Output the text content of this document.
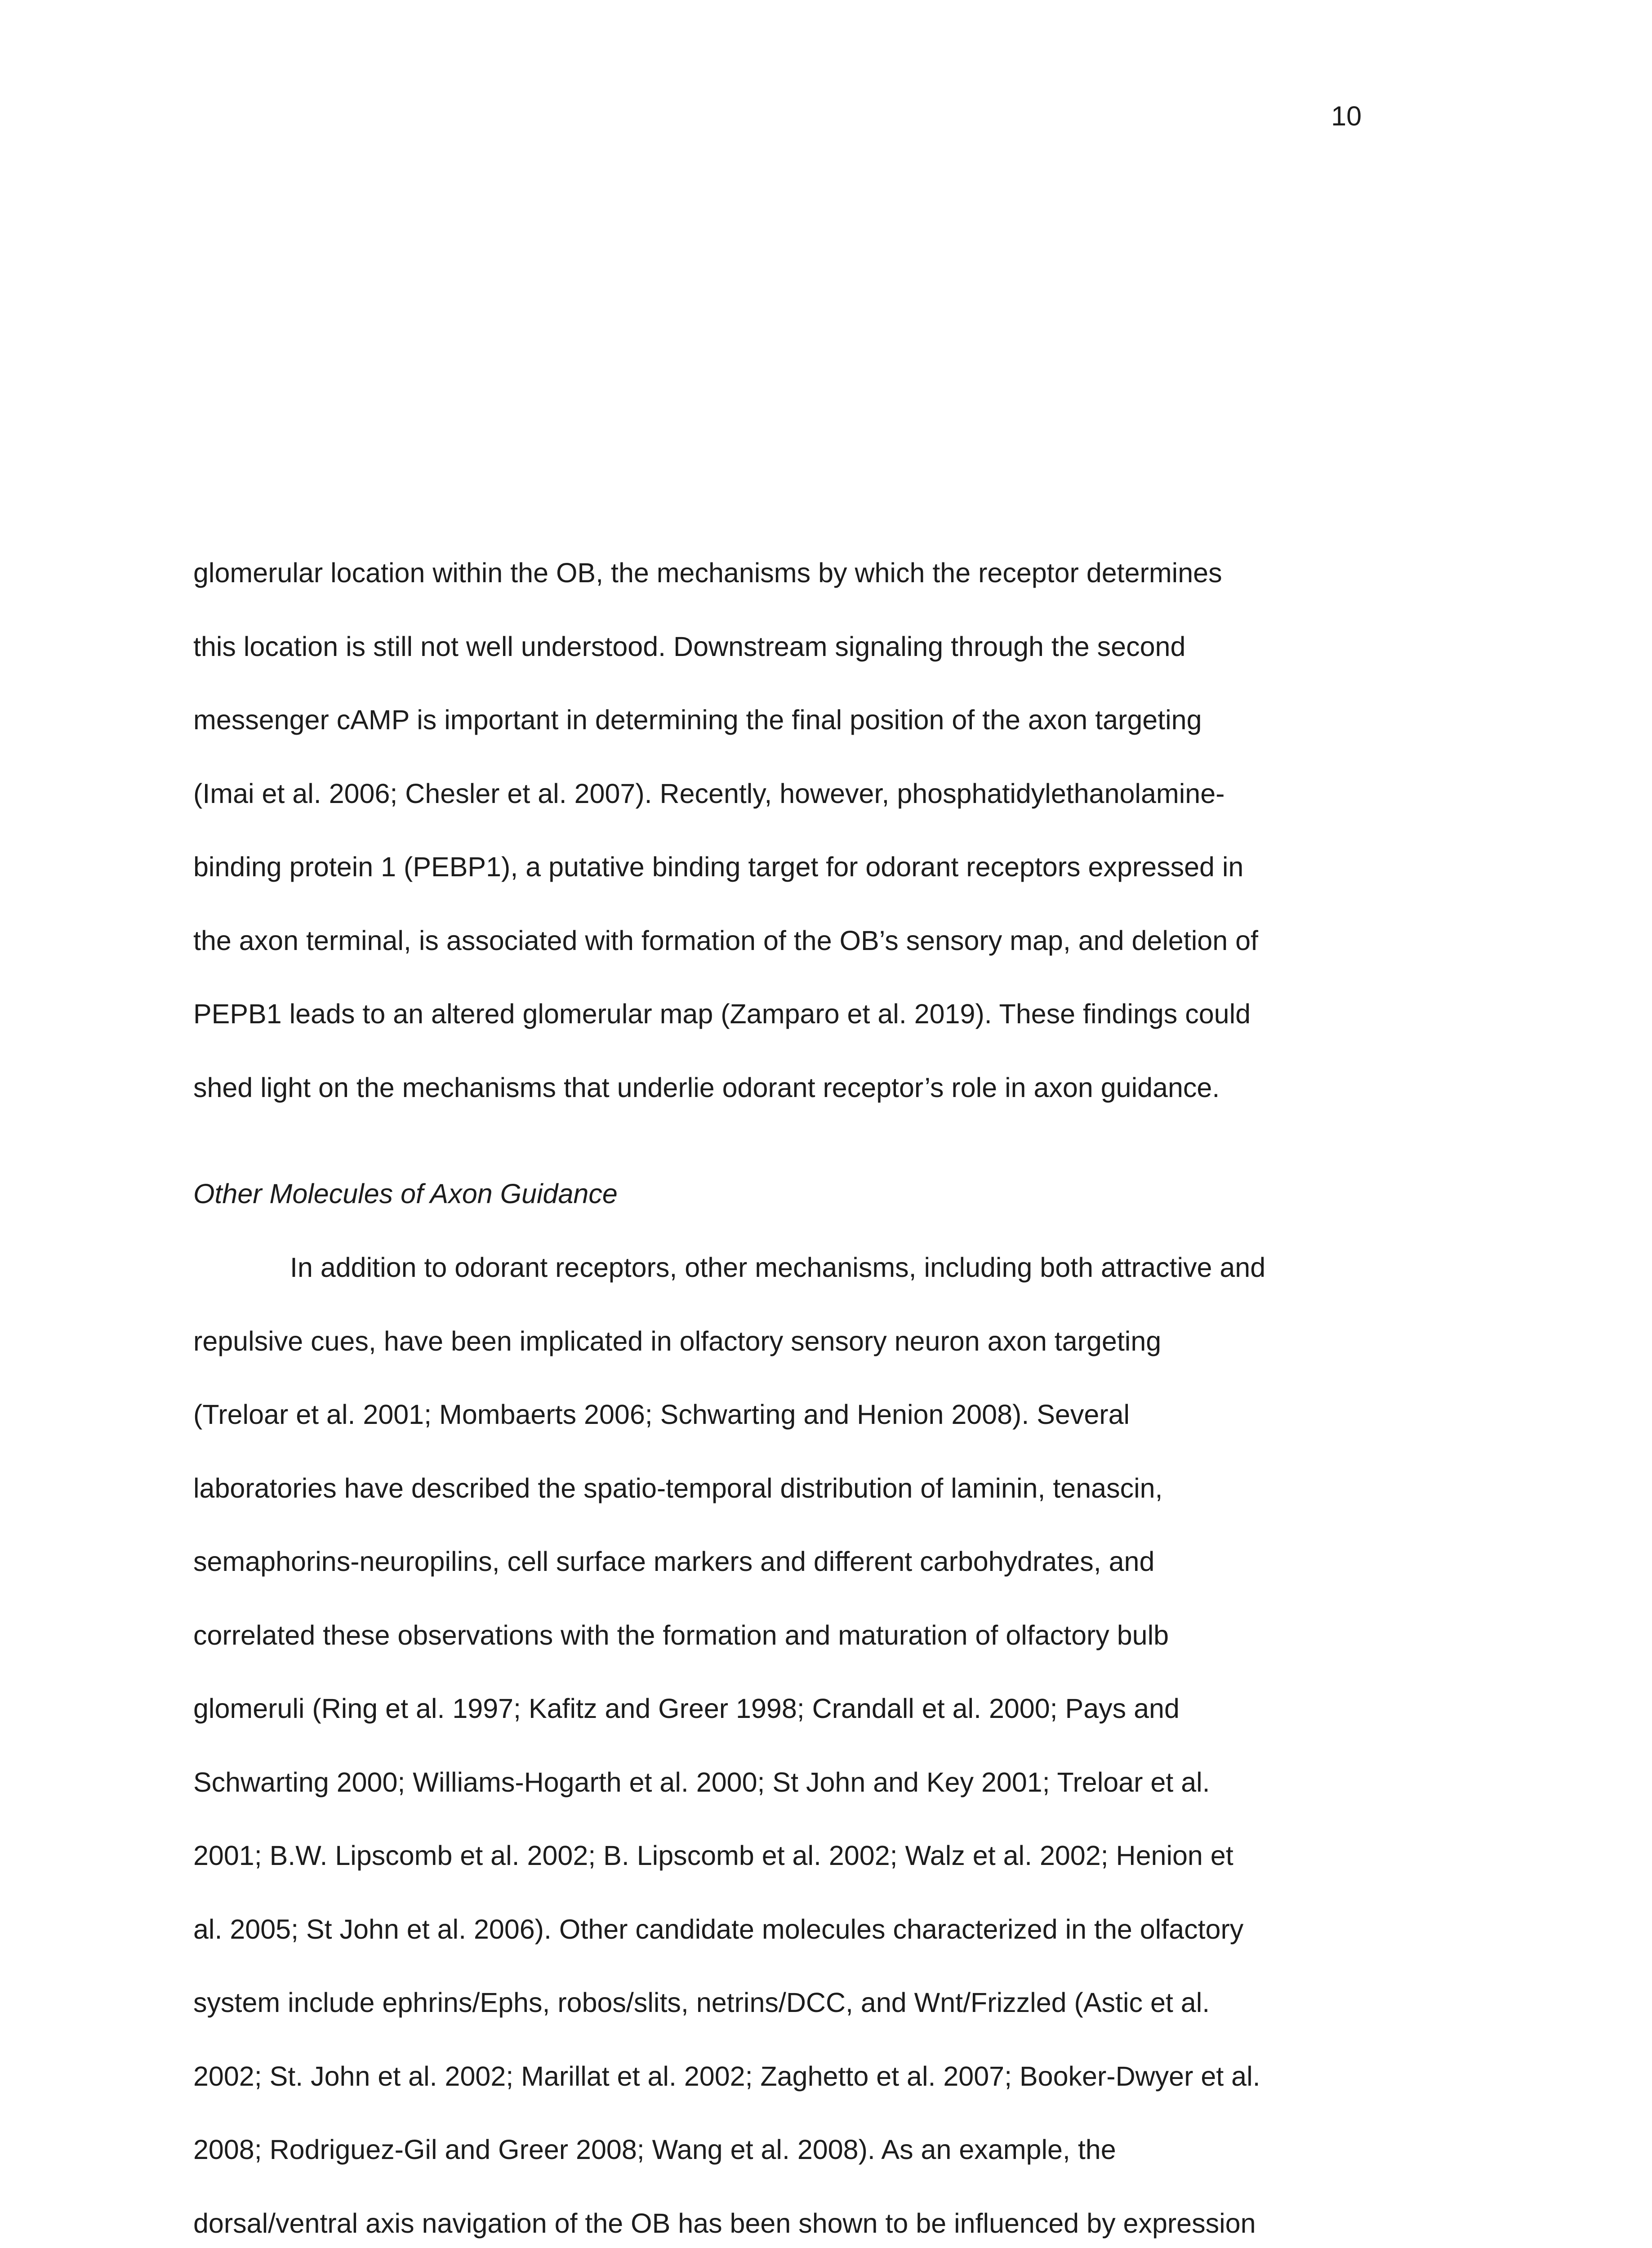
10
glomerular location within the OB, the mechanisms by which the receptor determines
this location is still not well understood. Downstream signaling through the second
messenger cAMP is important in determining the final position of the axon targeting
(Imai et al. 2006; Chesler et al. 2007). Recently, however, phosphatidylethanolamine-
binding protein 1 (PEBP1), a putative binding target for odorant receptors expressed in
the axon terminal, is associated with formation of the OB’s sensory map, and deletion of
PEPB1 leads to an altered glomerular map (Zamparo et al. 2019). These findings could
shed light on the mechanisms that underlie odorant receptor’s role in axon guidance.
Other Molecules of Axon Guidance
In addition to odorant receptors, other mechanisms, including both attractive and
repulsive cues, have been implicated in olfactory sensory neuron axon targeting
(Treloar et al. 2001; Mombaerts 2006; Schwarting and Henion 2008). Several
laboratories have described the spatio-temporal distribution of laminin, tenascin,
semaphorins-neuropilins, cell surface markers and different carbohydrates, and
correlated these observations with the formation and maturation of olfactory bulb
glomeruli (Ring et al. 1997; Kafitz and Greer 1998; Crandall et al. 2000; Pays and
Schwarting 2000; Williams-Hogarth et al. 2000; St John and Key 2001; Treloar et al.
2001; B.W. Lipscomb et al. 2002; B. Lipscomb et al. 2002; Walz et al. 2002; Henion et
al. 2005; St John et al. 2006). Other candidate molecules characterized in the olfactory
system include ephrins/Ephs, robos/slits, netrins/DCC, and Wnt/Frizzled (Astic et al.
2002; St. John et al. 2002; Marillat et al. 2002; Zaghetto et al. 2007; Booker-Dwyer et al.
2008; Rodriguez-Gil and Greer 2008; Wang et al. 2008). As an example, the
dorsal/ventral axis navigation of the OB has been shown to be influenced by expression
